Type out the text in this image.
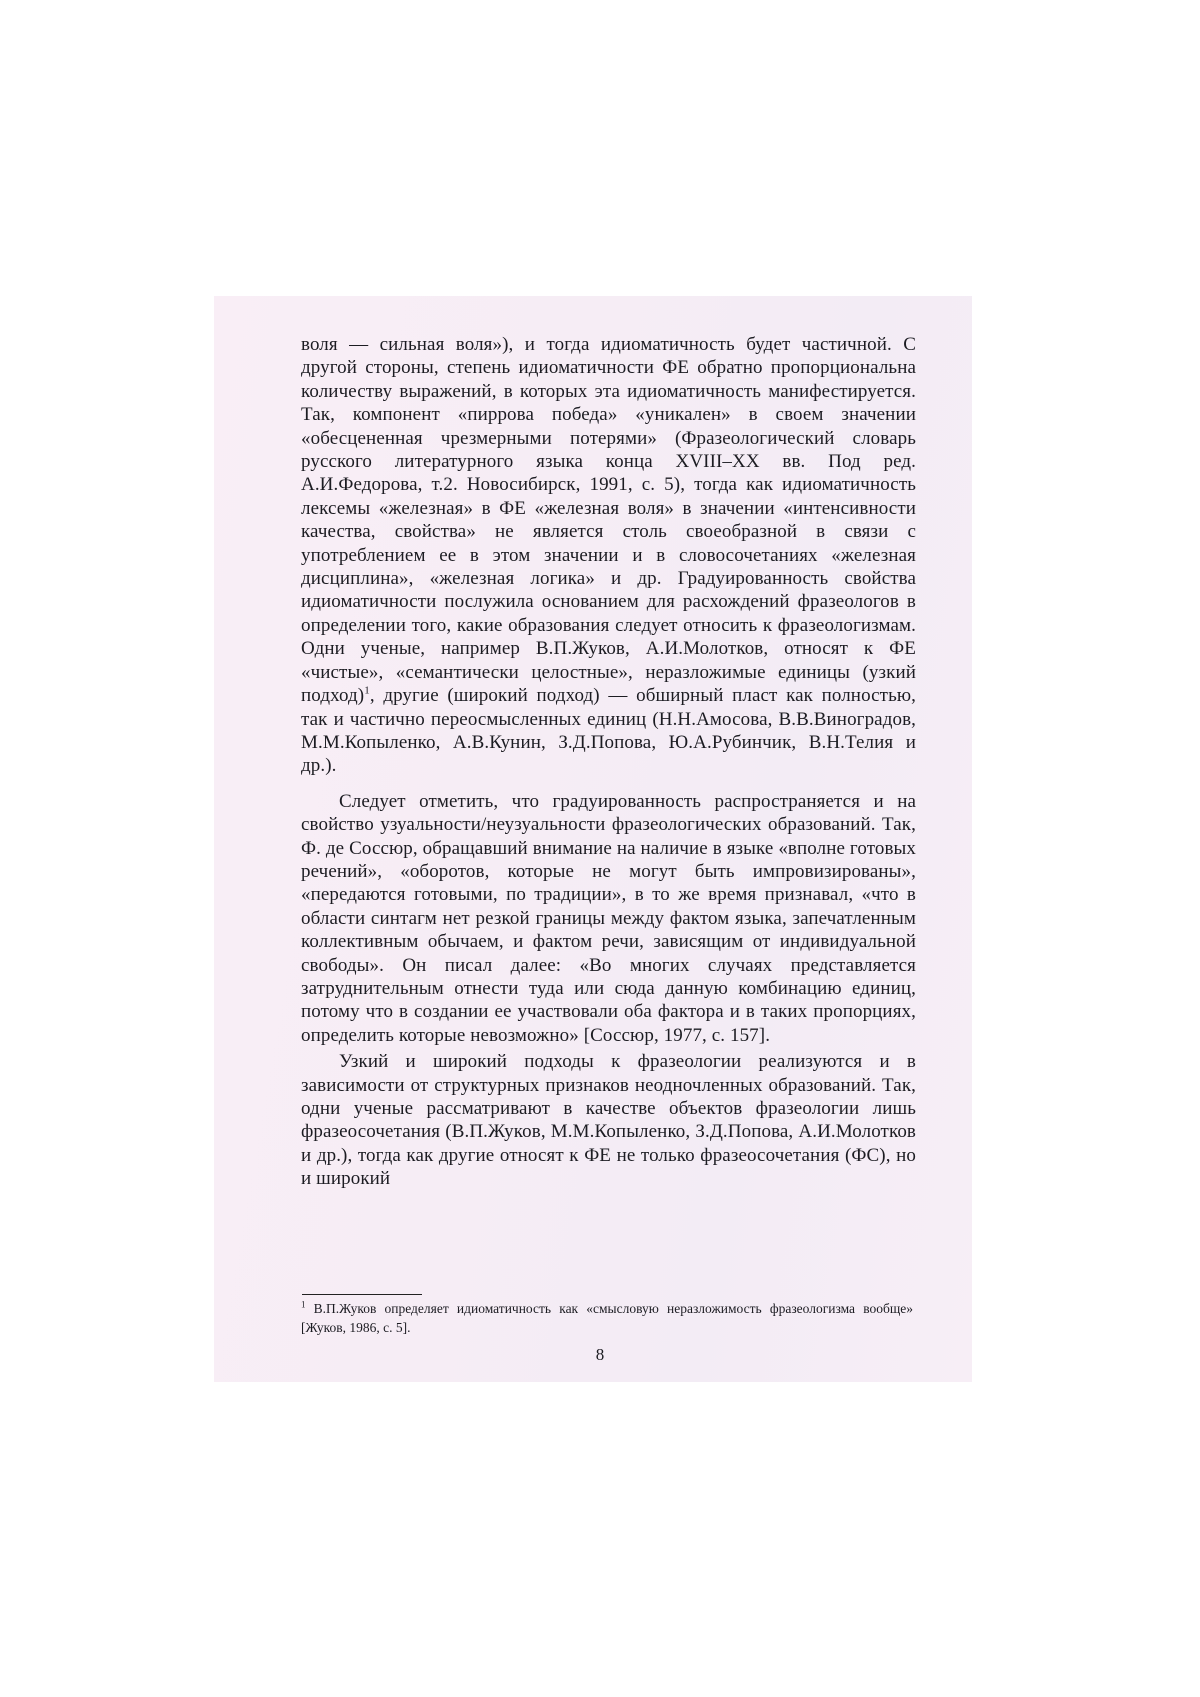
воля — сильная воля»), и тогда идиоматичность будет частичной. С другой стороны, степень идиоматичности ФЕ обратно пропорциональна количеству выражений, в которых эта идиоматичность манифестируется. Так, компонент «пиррова победа» «уникален» в своем значении «обесцененная чрезмерными потерями» (Фразеологический словарь русского литературного языка конца XVIII–XX вв. Под ред. А.И.Федорова, т.2. Новосибирск, 1991, с. 5), тогда как идиоматичность лексемы «железная» в ФЕ «железная воля» в значении «интенсивности качества, свойства» не является столь своеобразной в связи с употреблением ее в этом значении и в словосочетаниях «железная дисциплина», «железная логика» и др. Градуированность свойства идиоматичности послужила основанием для расхождений фразеологов в определении того, какие образования следует относить к фразеологизмам. Одни ученые, например В.П.Жуков, А.И.Молотков, относят к ФЕ «чистые», «семантически целостные», неразложимые единицы (узкий подход)$^1$, другие (широкий подход) — обширный пласт как полностью, так и частично переосмысленных единиц (Н.Н.Амосова, В.В.Виноградов, М.М.Копыленко, А.В.Кунин, З.Д.Попова, Ю.А.Рубинчик, В.Н.Телия и др.).

Следует отметить, что градуированность распространяется и на свойство узуальности/неузуальности фразеологических образований. Так, Ф. де Соссюр, обращавший внимание на наличие в языке «вполне готовых речений», «оборотов, которые не могут быть импровизированы», «передаются готовыми, по традиции», в то же время признавал, «что в области синтагм нет резкой границы между фактом языка, запечатленным коллективным обычаем, и фактом речи, зависящим от индивидуальной свободы». Он писал далее: «Во многих случаях представляется затруднительным отнести туда или сюда данную комбинацию единиц, потому что в создании ее участвовали оба фактора и в таких пропорциях, определить которые невозможно» [Соссюр, 1977, с. 157].

Узкий и широкий подходы к фразеологии реализуются и в зависимости от структурных признаков неодночленных образований. Так, одни ученые рассматривают в качестве объектов фразеологии лишь фразеосочетания (В.П.Жуков, М.М.Копыленко, З.Д.Попова, А.И.Молотков и др.), тогда как другие относят к ФЕ не только фразеосочетания (ФС), но и широкий

$^1$ В.П.Жуков определяет идиоматичность как «смысловую неразложимость фразеологизма вообще» [Жуков, 1986, с. 5].
8
